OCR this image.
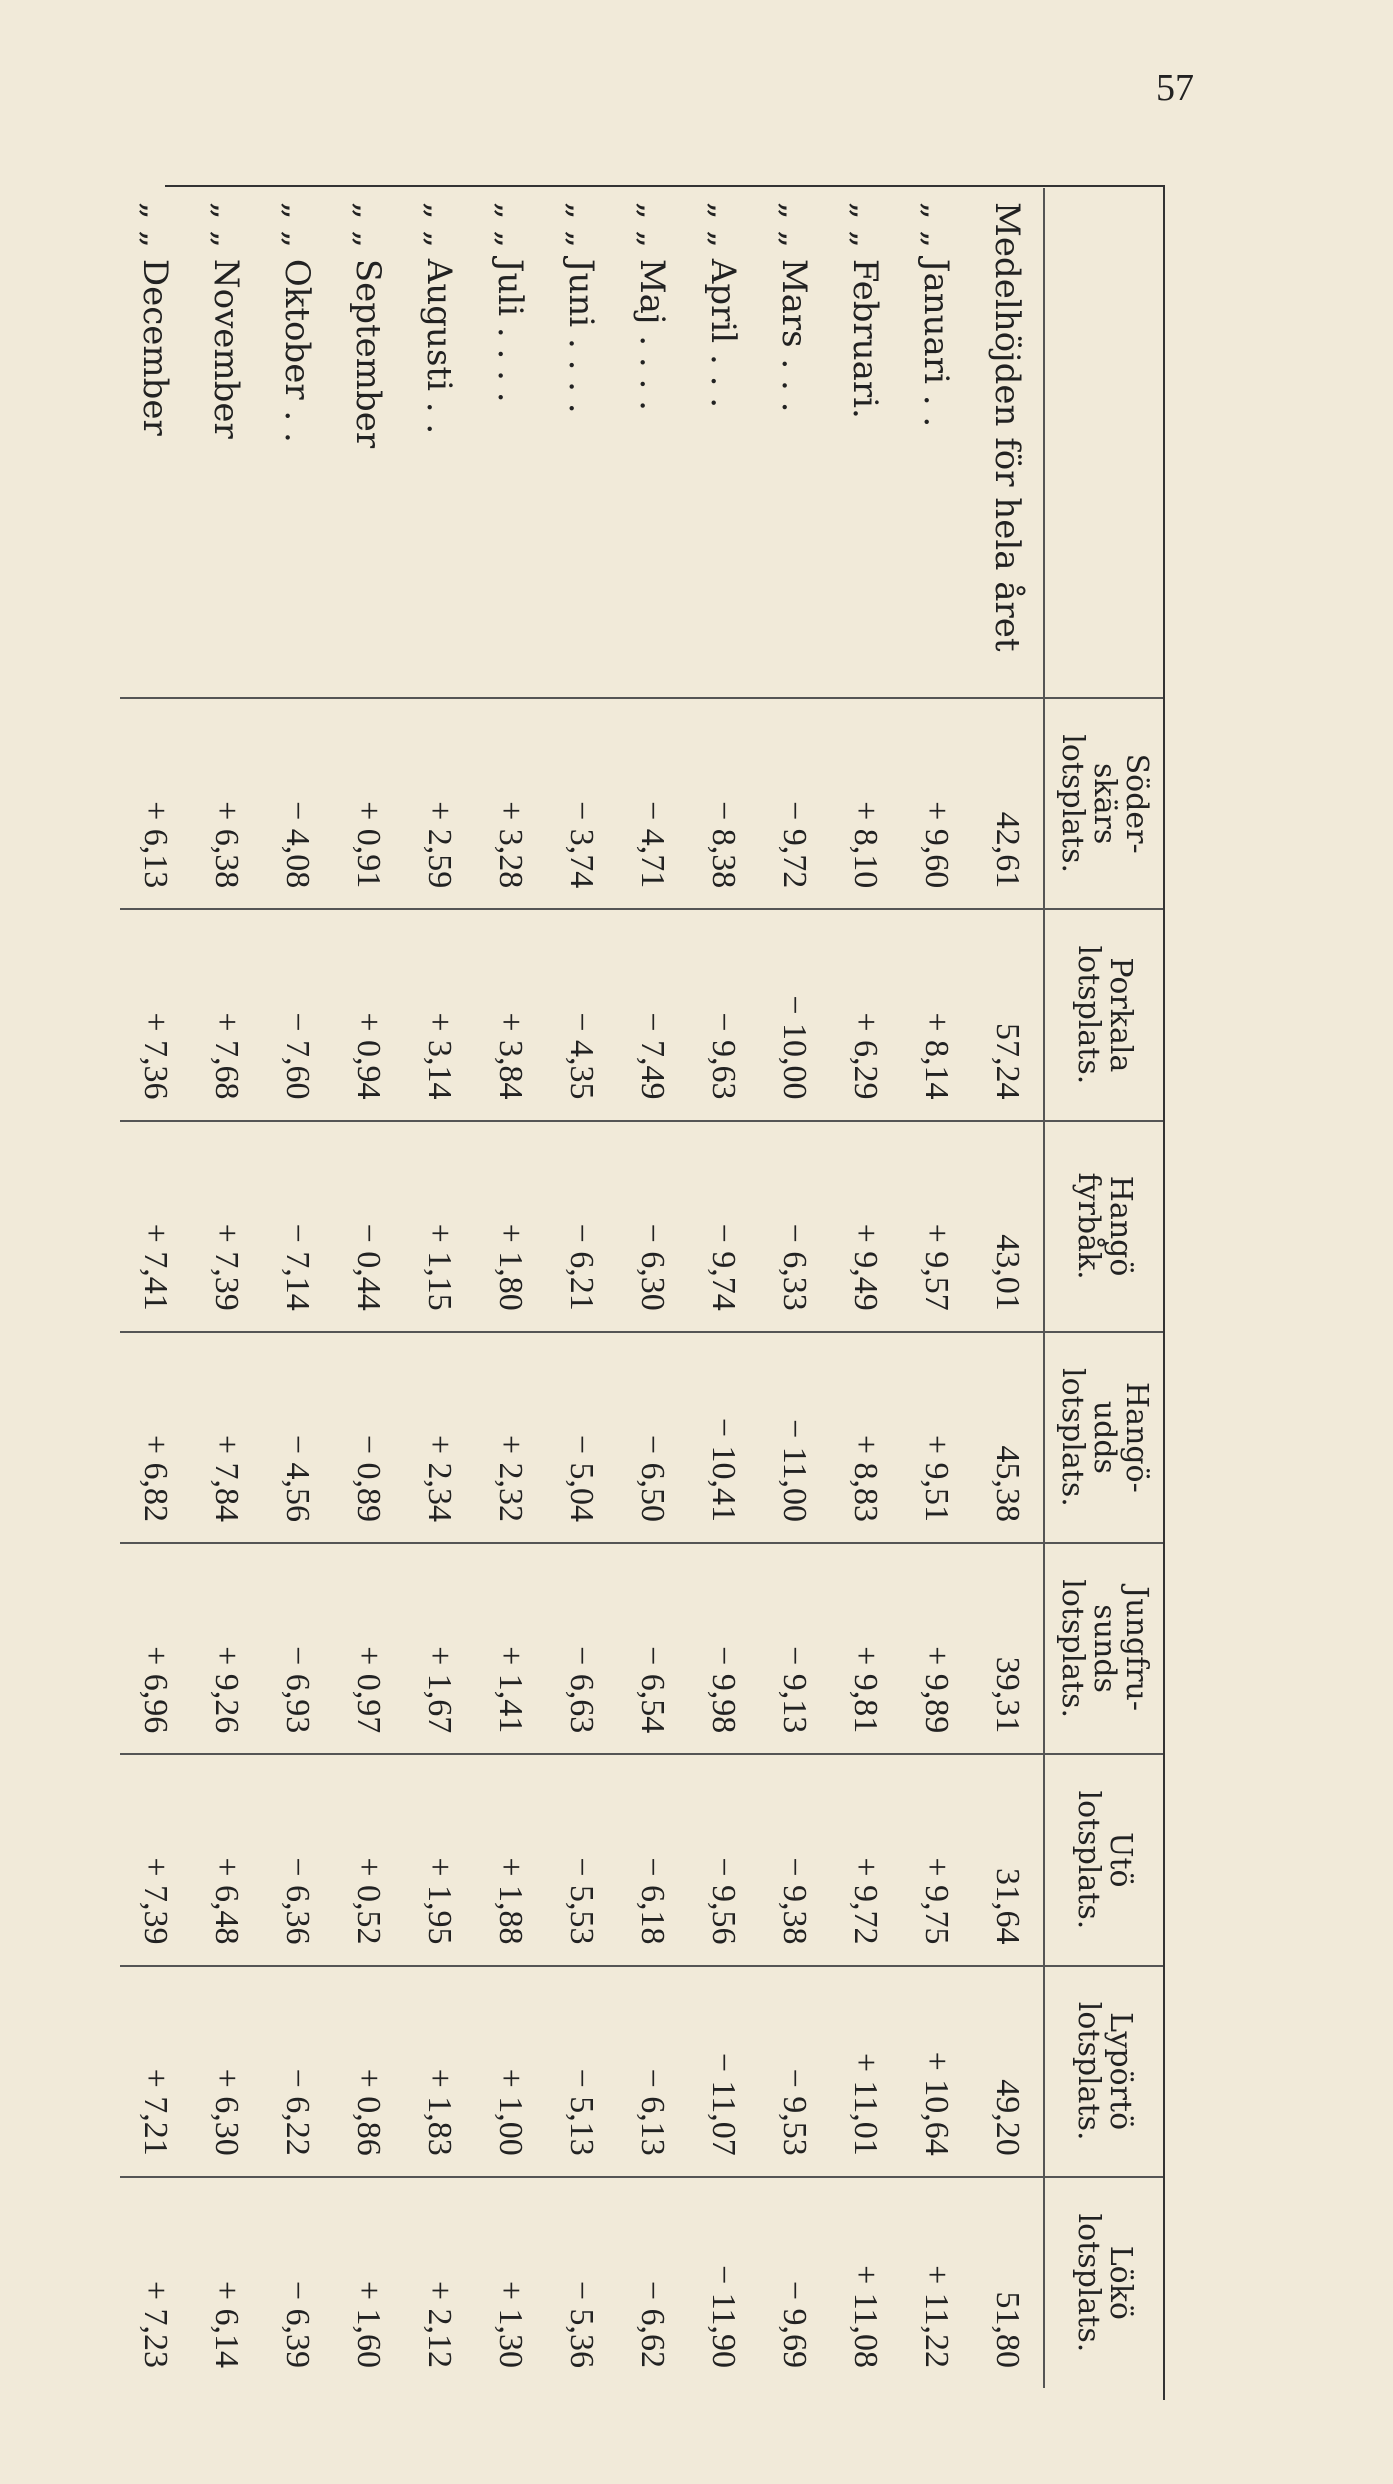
57
	Söder-
skärs
lotsplats.	Porkala
lotsplats.	Hangö
fyrbåk.	Hangö-
udds
lotsplats.	Jungfru-
sunds
lotsplats.	Utö
lotsplats.	Lypörtö
lotsplats.	Lökö
lotsplats.
Medelhöjden för hela året	42,61	57,24	43,01	45,38	39,31	31,64	49,20	51,80
„ „ Januari . .	+ 9,60	+ 8,14	+ 9,57	+ 9,51	+ 9,89	+ 9,75	+ 10,64	+ 11,22
„ „ Februari.	+ 8,10	+ 6,29	+ 9,49	+ 8,83	+ 9,81	+ 9,72	+ 11,01	+ 11,08
„ „ Mars . . .	− 9,72	− 10,00	− 6,33	− 11,00	− 9,13	− 9,38	− 9,53	− 9,69
„ „ April . . .	− 8,38	− 9,63	− 9,74	− 10,41	− 9,98	− 9,56	− 11,07	− 11,90
„ „ Maj . . . .	− 4,71	− 7,49	− 6,30	− 6,50	− 6,54	− 6,18	− 6,13	− 6,62
„ „ Juni . . . .	− 3,74	− 4,35	− 6,21	− 5,04	− 6,63	− 5,53	− 5,13	− 5,36
„ „ Juli . . . .	+ 3,28	+ 3,84	+ 1,80	+ 2,32	+ 1,41	+ 1,88	+ 1,00	+ 1,30
„ „ Augusti . .	+ 2,59	+ 3,14	+ 1,15	+ 2,34	+ 1,67	+ 1,95	+ 1,83	+ 2,12
„ „ September	+ 0,91	+ 0,94	− 0,44	− 0,89	+ 0,97	+ 0,52	+ 0,86	+ 1,60
„ „ Oktober . .	− 4,08	− 7,60	− 7,14	− 4,56	− 6,93	− 6,36	− 6,22	− 6,39
„ „ November	+ 6,38	+ 7,68	+ 7,39	+ 7,84	+ 9,26	+ 6,48	+ 6,30	+ 6,14
„ „ December	+ 6,13	+ 7,36	+ 7,41	+ 6,82	+ 6,96	+ 7,39	+ 7,21	+ 7,23
